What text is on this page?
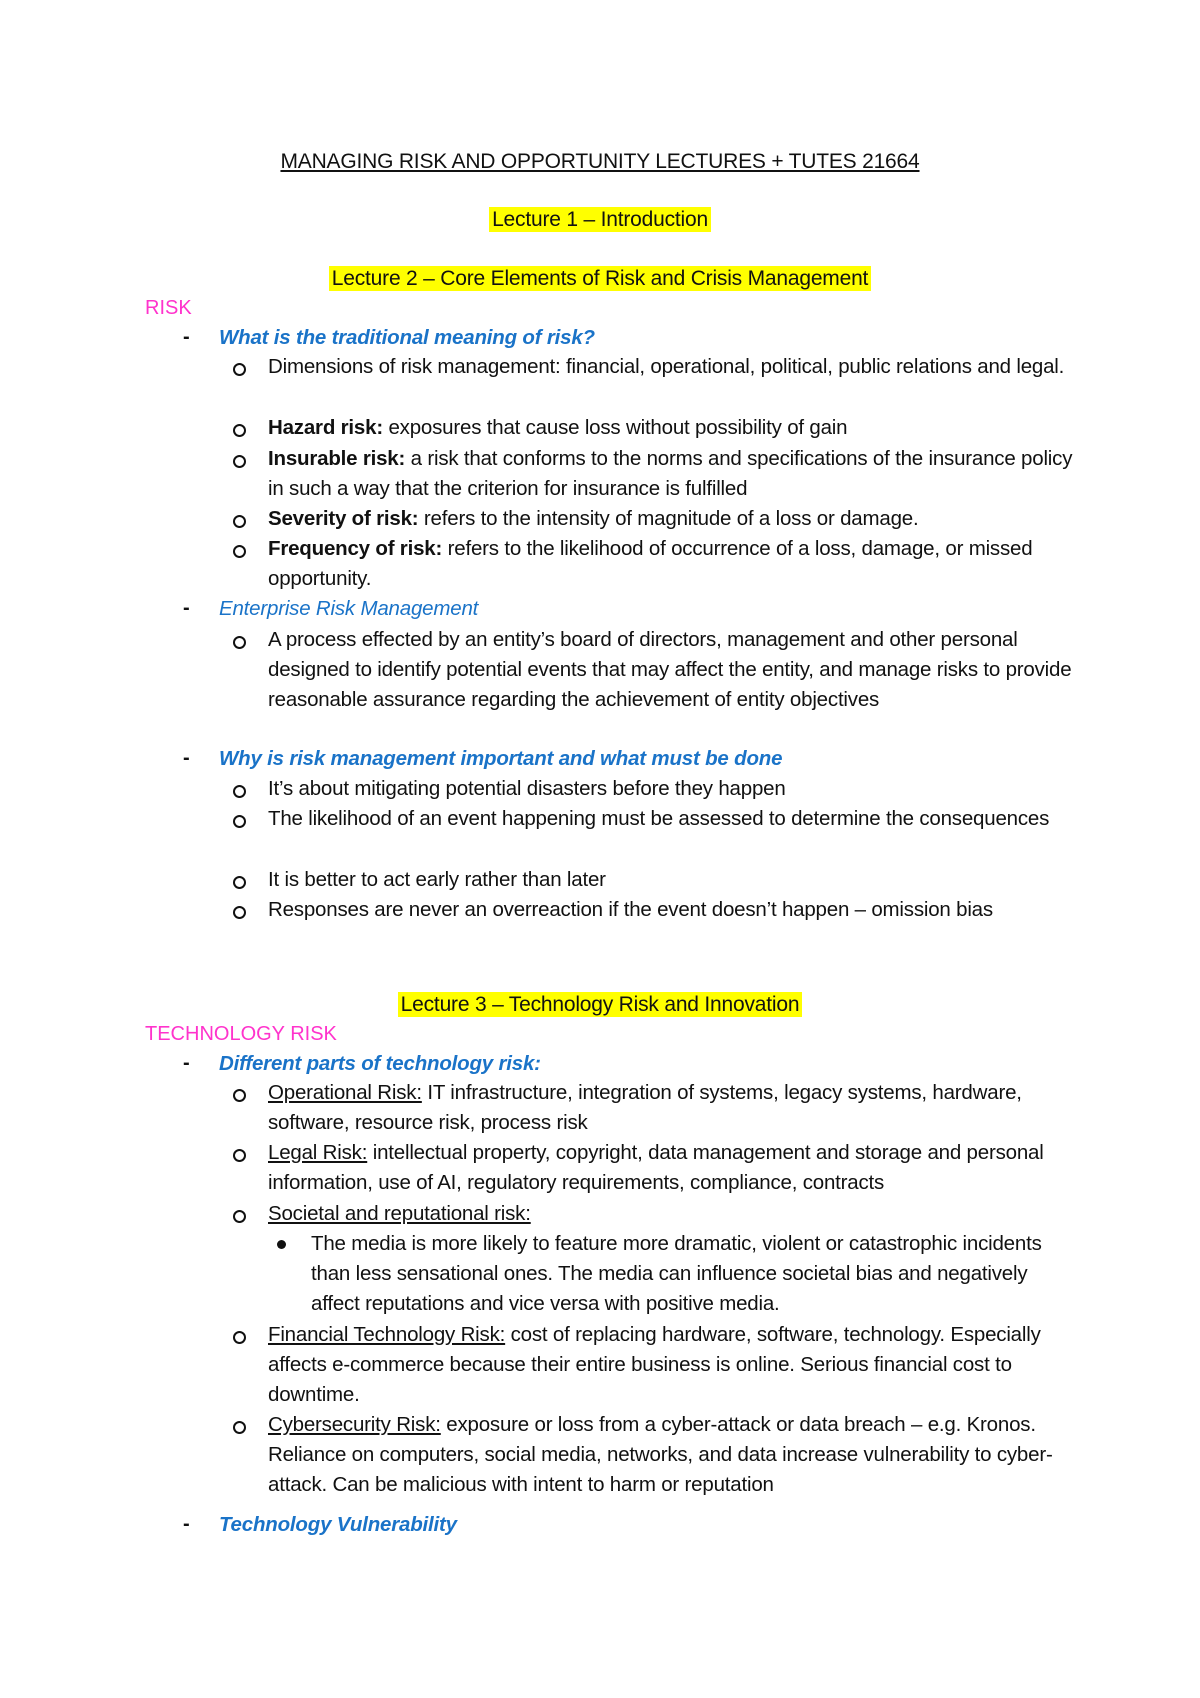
MANAGING RISK AND OPPORTUNITY LECTURES + TUTES 21664
Lecture 1 – Introduction
Lecture 2 – Core Elements of Risk and Crisis Management
RISK
- What is the traditional meaning of risk?
Dimensions of risk management: financial, operational, political, public relations and legal.
Hazard risk: exposures that cause loss without possibility of gain
Insurable risk: a risk that conforms to the norms and specifications of the insurance policy in such a way that the criterion for insurance is fulfilled
Severity of risk: refers to the intensity of magnitude of a loss or damage.
Frequency of risk: refers to the likelihood of occurrence of a loss, damage, or missed opportunity.
- Enterprise Risk Management
A process effected by an entity’s board of directors, management and other personal designed to identify potential events that may affect the entity, and manage risks to provide reasonable assurance regarding the achievement of entity objectives
- Why is risk management important and what must be done
It’s about mitigating potential disasters before they happen
The likelihood of an event happening must be assessed to determine the consequences
It is better to act early rather than later
Responses are never an overreaction if the event doesn’t happen – omission bias
Lecture 3 – Technology Risk and Innovation
TECHNOLOGY RISK
- Different parts of technology risk:
Operational Risk: IT infrastructure, integration of systems, legacy systems, hardware, software, resource risk, process risk
Legal Risk: intellectual property, copyright, data management and storage and personal information, use of AI, regulatory requirements, compliance, contracts
Societal and reputational risk:
The media is more likely to feature more dramatic, violent or catastrophic incidents than less sensational ones. The media can influence societal bias and negatively affect reputations and vice versa with positive media.
Financial Technology Risk: cost of replacing hardware, software, technology. Especially affects e-commerce because their entire business is online. Serious financial cost to downtime.
Cybersecurity Risk: exposure or loss from a cyber-attack or data breach – e.g. Kronos. Reliance on computers, social media, networks, and data increase vulnerability to cyber-attack. Can be malicious with intent to harm or reputation
- Technology Vulnerability
